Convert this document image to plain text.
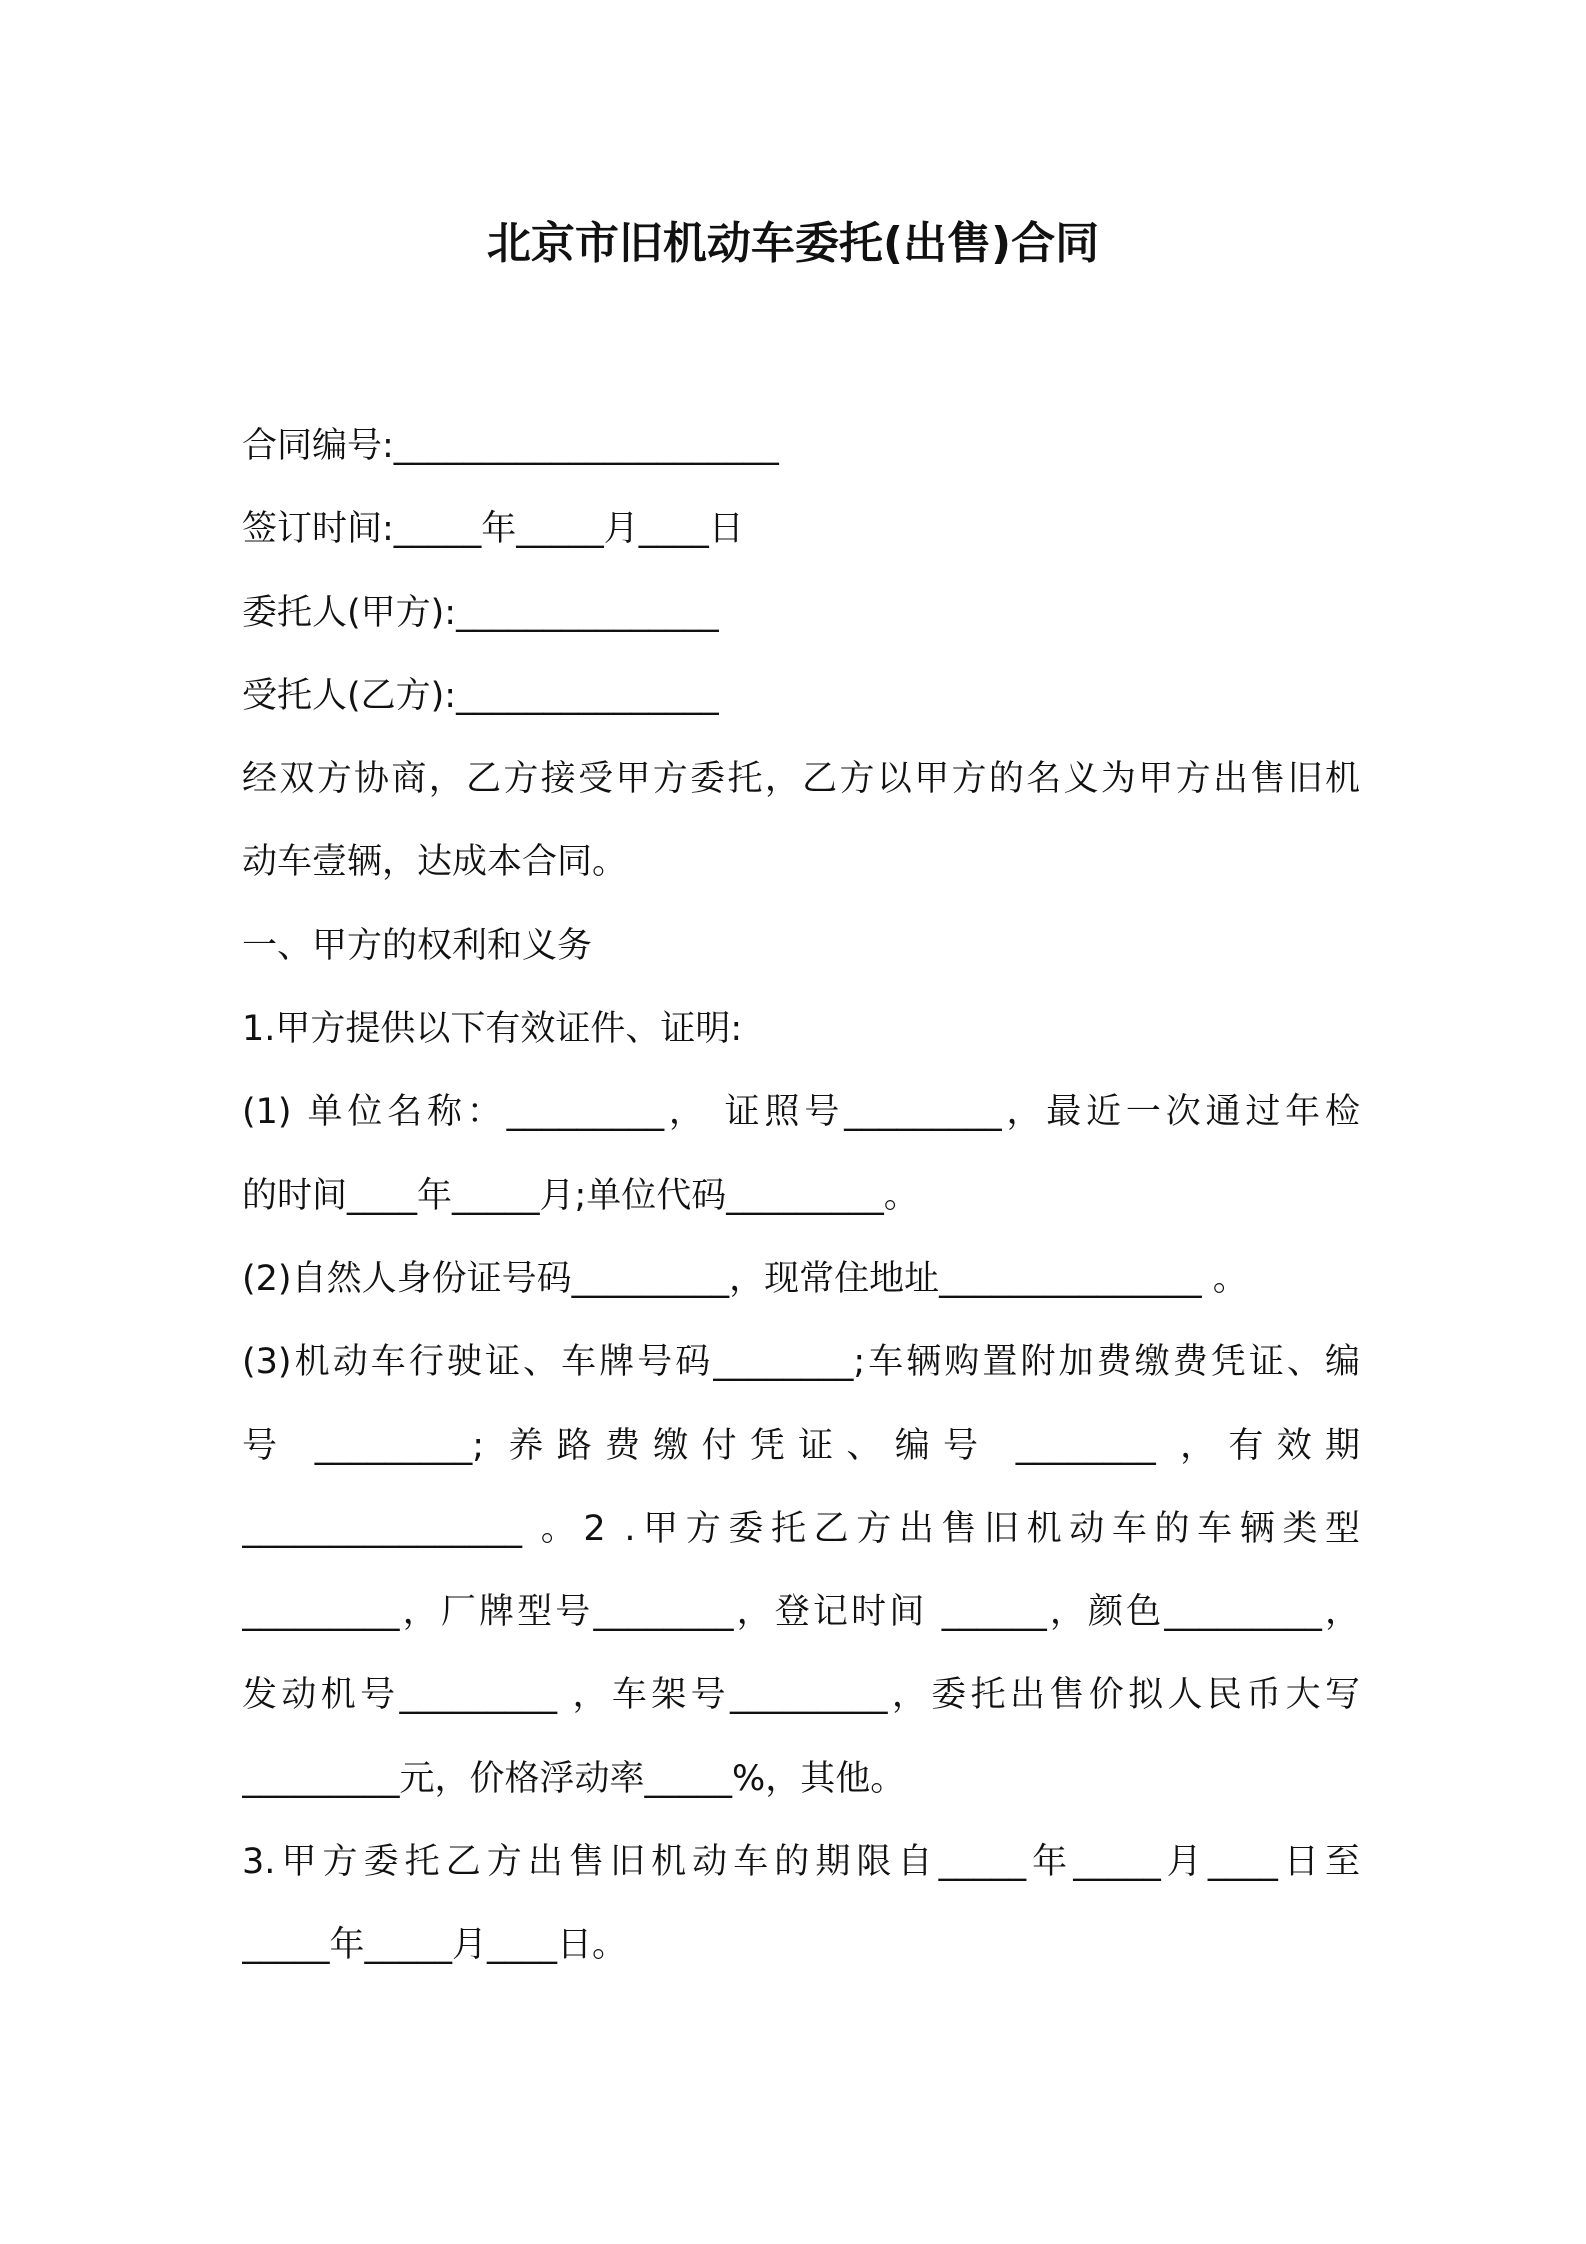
北京市旧机动车委托(出售)合同
合同编号:______________________
签订时间:_____年_____月____日
委托人(甲方):_______________
受托人(乙方):_______________
经双方协商，乙方接受甲方委托，乙方以甲方的名义为甲方出售旧机
动车壹辆，达成本合同。
一、甲方的权利和义务
1.甲方提供以下有效证件、证明:
(1) 单位名称：_________， 证照号_________，最近一次通过年检
的时间____年_____月;单位代码_________。
(2)自然人身份证号码_________，现常住地址_______________ 。
(3)机动车行驶证、车牌号码________;车辆购置附加费缴费凭证、编
号 _________; 养路费缴付凭证、编号 ________ ，有效期
________________ 。2 .甲方委托乙方出售旧机动车的车辆类型
_________，厂牌型号________，登记时间 ______，颜色_________，
发动机号_________ ，车架号_________，委托出售价拟人民币大写
_________元，价格浮动率_____%，其他。
3.甲方委托乙方出售旧机动车的期限自_____年_____月____日至
_____年_____月____日。
